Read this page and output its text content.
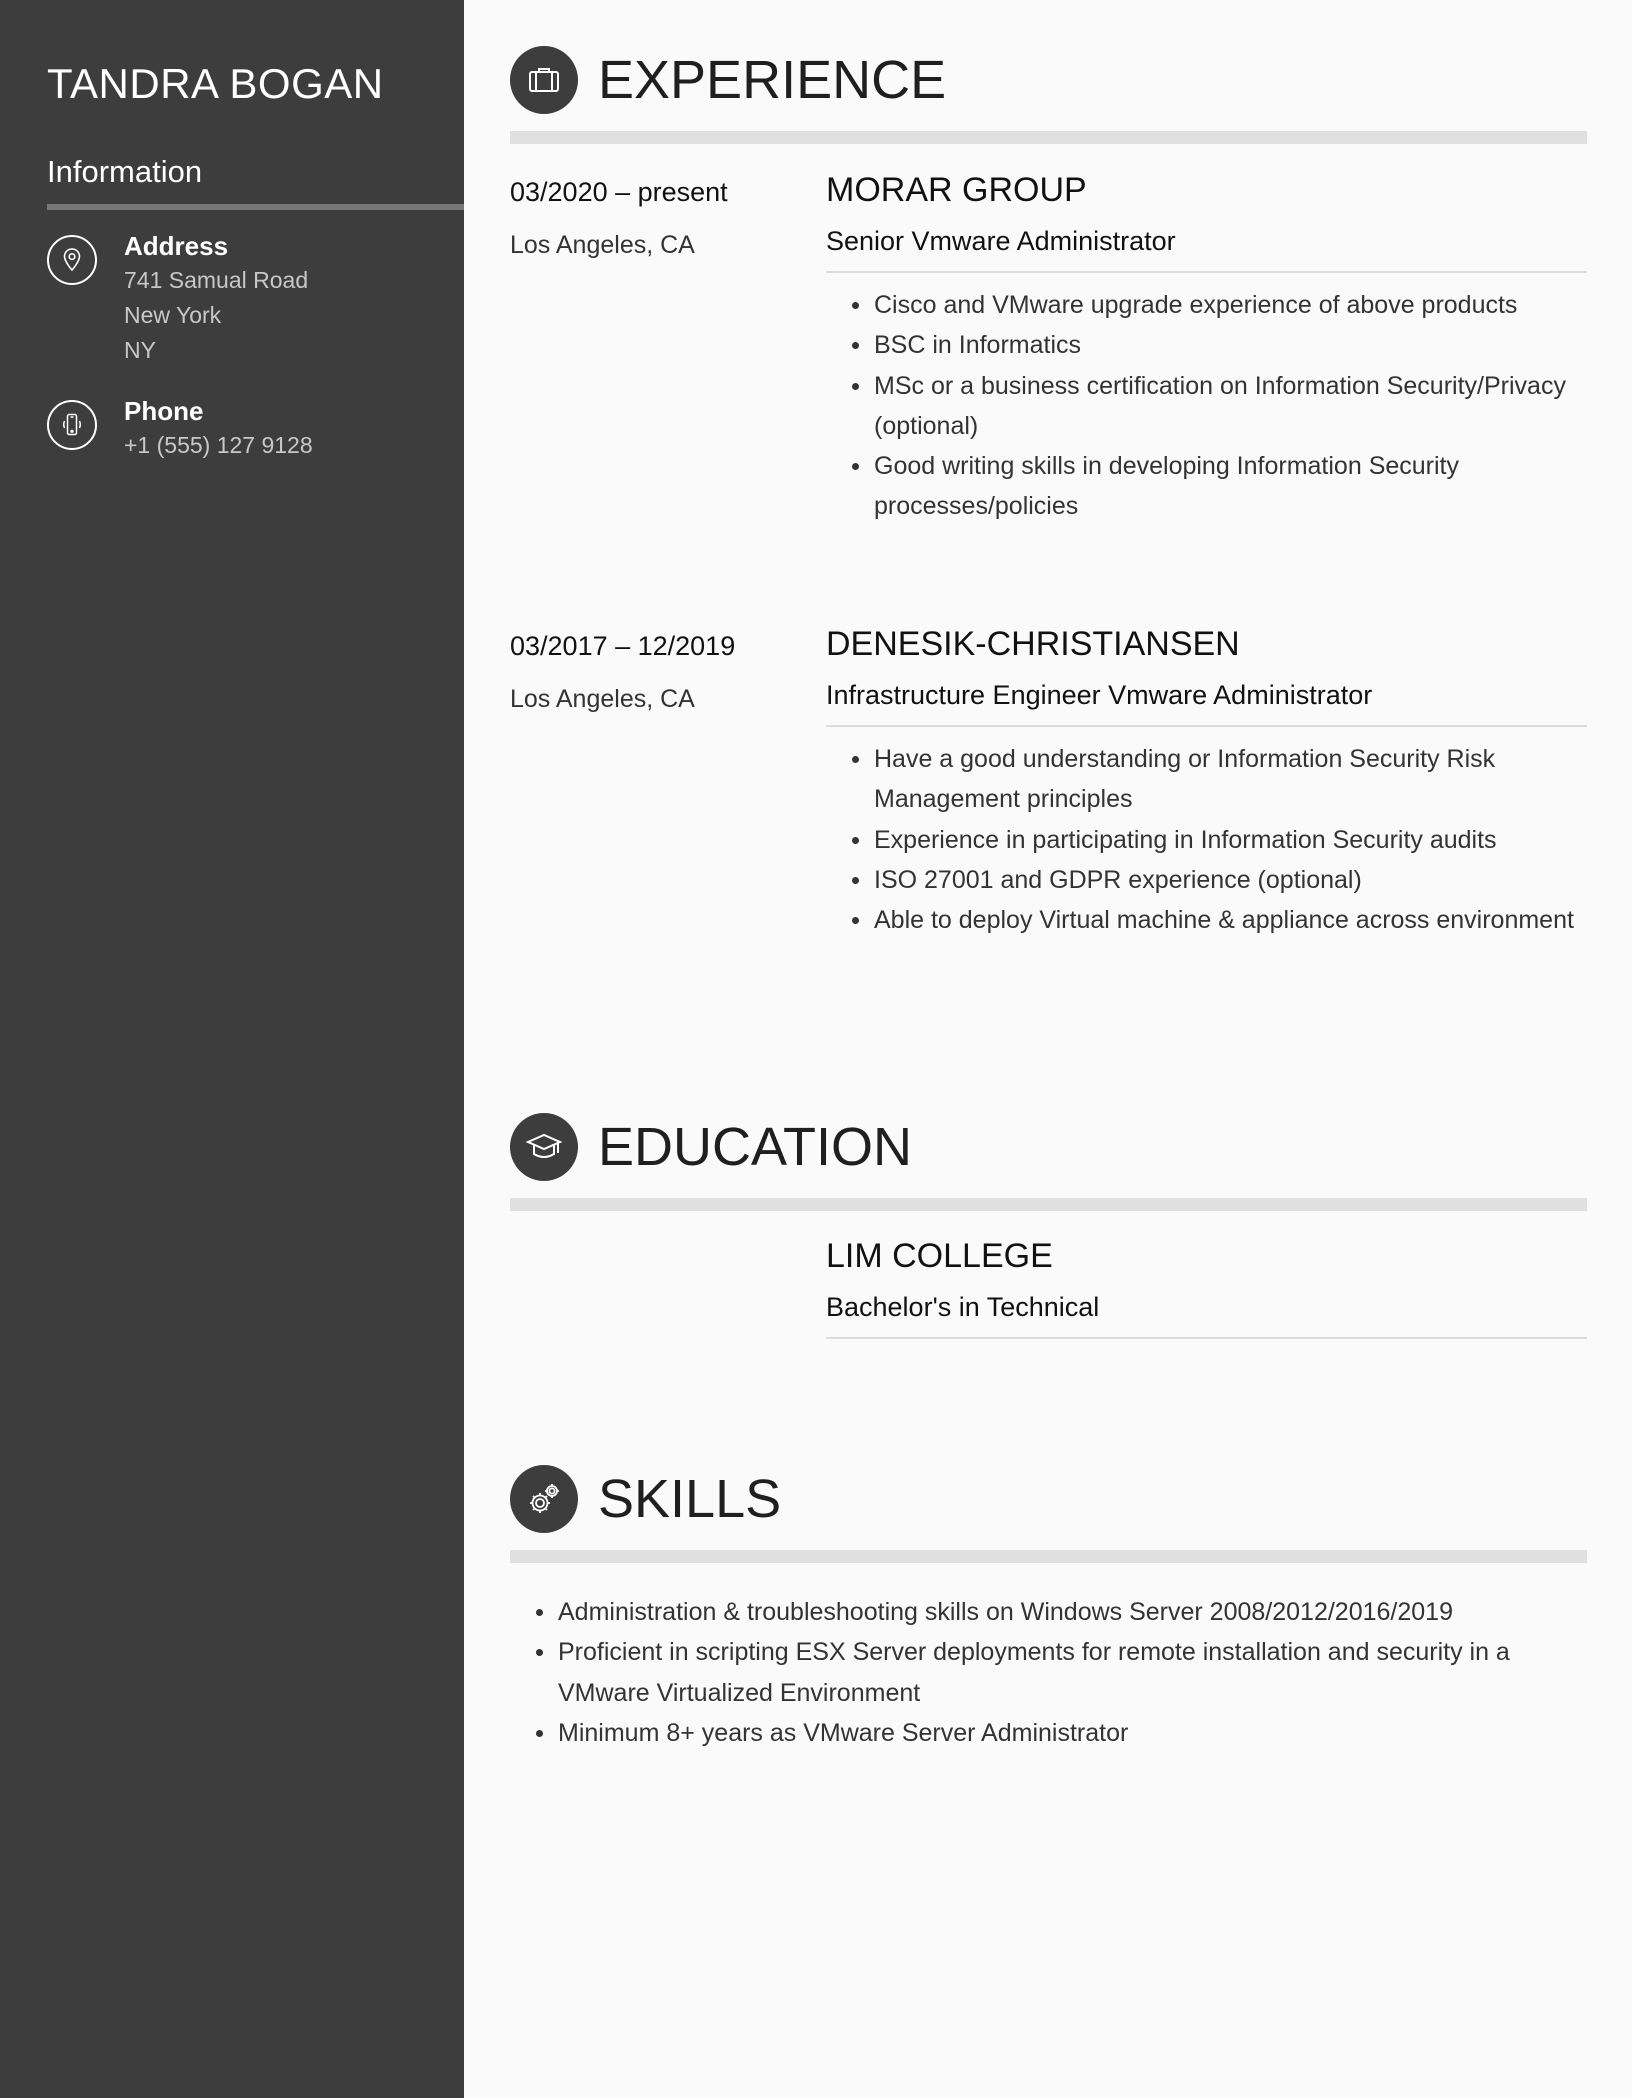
TANDRA BOGAN
Information
Address
741 Samual Road
New York
NY
Phone
+1 (555) 127 9128
EXPERIENCE
03/2020 – present
Los Angeles, CA
MORAR GROUP
Senior Vmware Administrator
Cisco and VMware upgrade experience of above products
BSC in Informatics
MSc or a business certification on Information Security/Privacy (optional)
Good writing skills in developing Information Security processes/policies
03/2017 – 12/2019
Los Angeles, CA
DENESIK-CHRISTIANSEN
Infrastructure Engineer Vmware Administrator
Have a good understanding or Information Security Risk Management principles
Experience in participating in Information Security audits
ISO 27001 and GDPR experience (optional)
Able to deploy Virtual machine & appliance across environment
EDUCATION
LIM COLLEGE
Bachelor's in Technical
SKILLS
Administration & troubleshooting skills on Windows Server 2008/2012/2016/2019
Proficient in scripting ESX Server deployments for remote installation and security in a VMware Virtualized Environment
Minimum 8+ years as VMware Server Administrator
